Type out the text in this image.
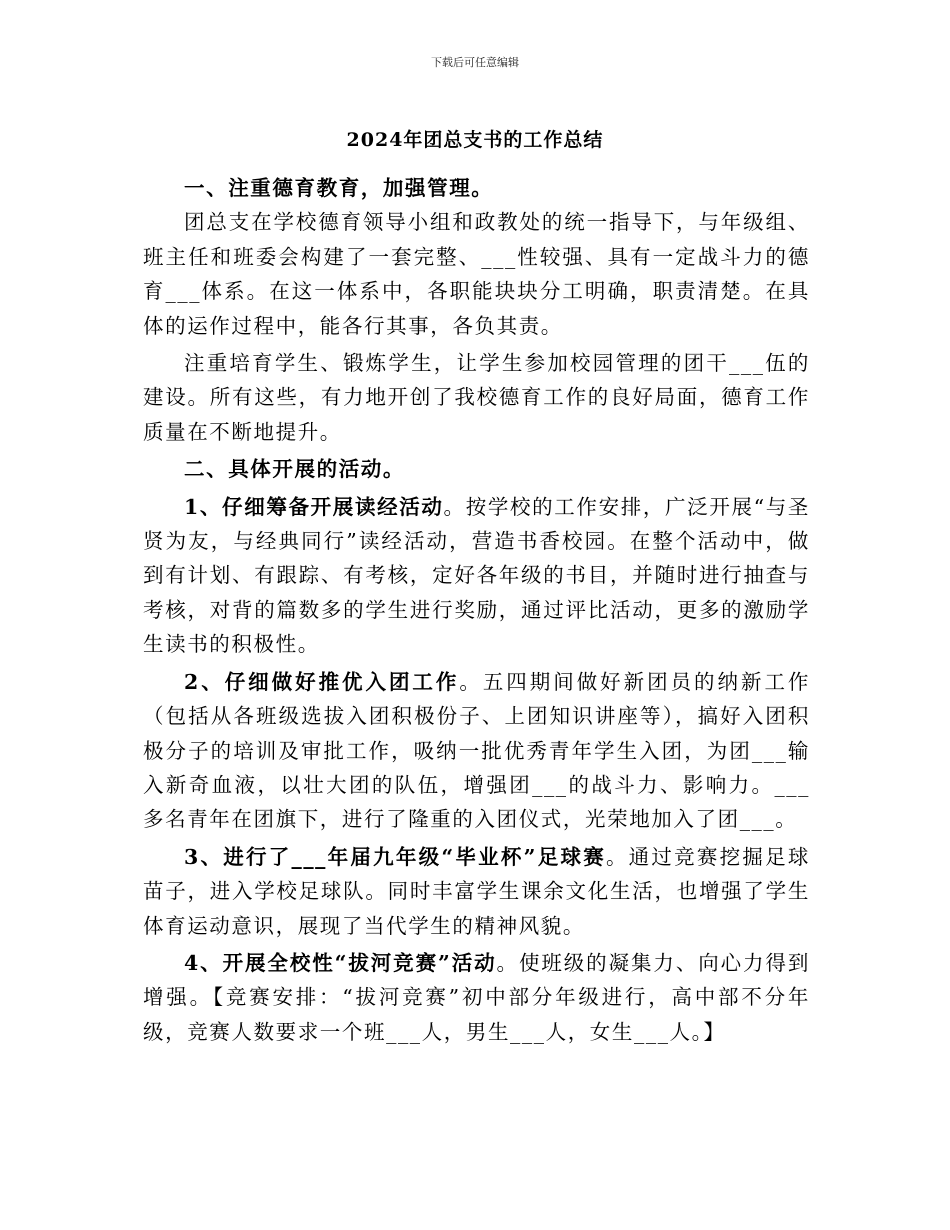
下载后可任意编辑
2024年团总支书的工作总结

一、注重德育教育，加强管理。

团总支在学校德育领导小组和政教处的统一指导下，与年级组、班主任和班委会构建了一套完整、___性较强、具有一定战斗力的德育___体系。在这一体系中，各职能块块分工明确，职责清楚。在具体的运作过程中，能各行其事，各负其责。

注重培育学生、锻炼学生，让学生参加校园管理的团干___伍的建设。所有这些，有力地开创了我校德育工作的良好局面，德育工作质量在不断地提升。

二、具体开展的活动。

1、仔细筹备开展读经活动。按学校的工作安排，广泛开展“与圣贤为友，与经典同行”读经活动，营造书香校园。在整个活动中，做到有计划、有跟踪、有考核，定好各年级的书目，并随时进行抽查与考核，对背的篇数多的学生进行奖励，通过评比活动，更多的激励学生读书的积极性。

2、仔细做好推优入团工作。五四期间做好新团员的纳新工作（包括从各班级选拔入团积极份子、上团知识讲座等），搞好入团积极分子的培训及审批工作，吸纳一批优秀青年学生入团，为团___输入新奇血液，以壮大团的队伍，增强团___的战斗力、影响力。___多名青年在团旗下，进行了隆重的入团仪式，光荣地加入了团___。

3、进行了___年届九年级“毕业杯”足球赛。通过竞赛挖掘足球苗子，进入学校足球队。同时丰富学生课余文化生活，也增强了学生体育运动意识，展现了当代学生的精神风貌。

4、开展全校性“拔河竞赛”活动。使班级的凝集力、向心力得到增强。【竞赛安排：“拔河竞赛”初中部分年级进行，高中部不分年级，竞赛人数要求一个班___人，男生___人，女生___人。】
